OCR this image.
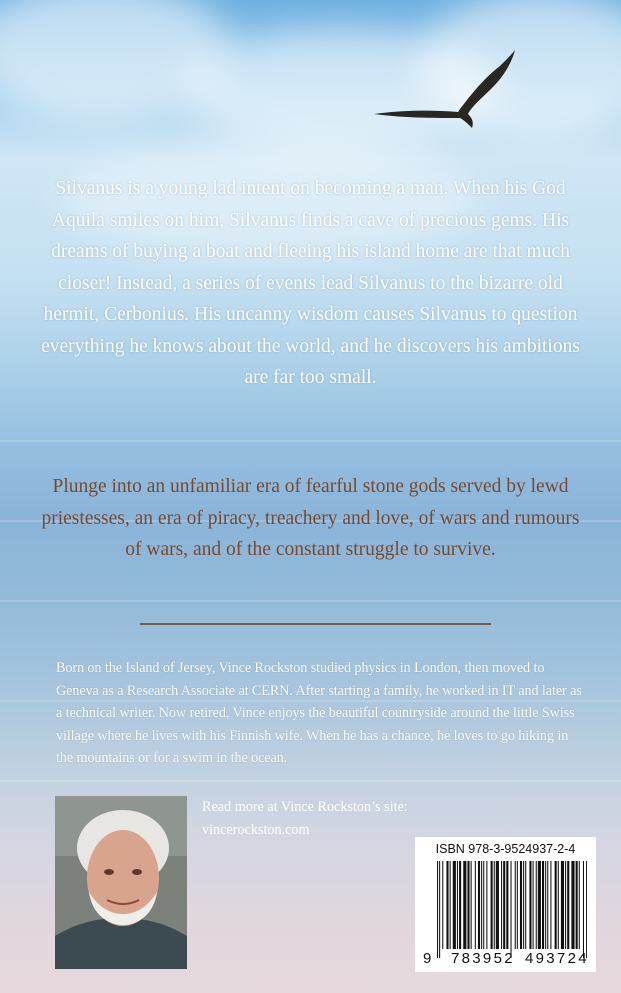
Silvanus is a young lad intent on becoming a man. When his God Aquila smiles on him, Silvanus finds a cave of precious gems. His dreams of buying a boat and fleeing his island home are that much closer! Instead, a series of events lead Silvanus to the bizarre old hermit, Cerbonius. His uncanny wisdom causes Silvanus to question everything he knows about the world, and he discovers his ambitions are far too small.
Plunge into an unfamiliar era of fearful stone gods served by lewd priestesses, an era of piracy, treachery and love, of wars and rumours of wars, and of the constant struggle to survive.
Born on the Island of Jersey, Vince Rockston studied physics in London, then moved to Geneva as a Research Associate at CERN. After starting a family, he worked in IT and later as a technical writer. Now retired, Vince enjoys the beautiful countryside around the little Swiss village where he lives with his Finnish wife. When he has a chance, he loves to go hiking in the mountains or for a swim in the ocean.
Read more at Vince Rockston’s site:
vincerockston.com
ISBN 978-3-9524937-2-4
9 783952 493724
